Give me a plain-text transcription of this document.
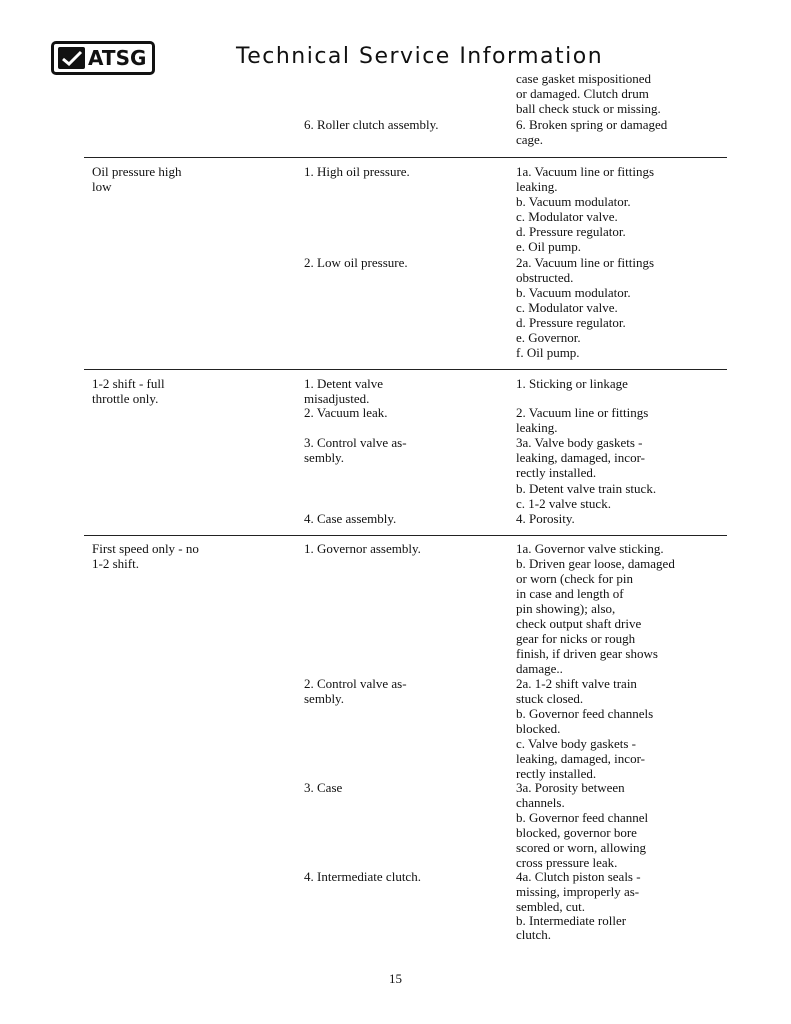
ATSG	Technical Service Information
6. Roller clutch assembly.
case gasket mispositioned
or damaged. Clutch drum
ball check stuck or missing.
6. Broken spring or damaged
cage.
Oil pressure high
low
1. High oil pressure.
2. Low oil pressure.
1a. Vacuum line or fittings
leaking.
b. Vacuum modulator.
c. Modulator valve.
d. Pressure regulator.
e. Oil pump.
2a. Vacuum line or fittings
obstructed.
b. Vacuum modulator.
c. Modulator valve.
d. Pressure regulator.
e. Governor.
f. Oil pump.
1-2 shift - full
throttle only.
1. Detent valve
misadjusted.
2. Vacuum leak.
3. Control valve as-
sembly.
4. Case assembly.
1. Sticking or linkage
2. Vacuum line or fittings
leaking.
3a. Valve body gaskets -
leaking, damaged, incor-
rectly installed.
b. Detent valve train stuck.
c. 1-2 valve stuck.
4. Porosity.
First speed only - no
1-2 shift.
1. Governor assembly.
2. Control valve as-
sembly.
3. Case
4. Intermediate clutch.
1a. Governor valve sticking.
b. Driven gear loose, damaged
or worn (check for pin
in case and length of
pin showing); also,
check output shaft drive
gear for nicks or rough
finish, if driven gear shows
damage..
2a. 1-2 shift valve train
stuck closed.
b. Governor feed channels
blocked.
c. Valve body gaskets -
leaking, damaged, incor-
rectly installed.
3a. Porosity between
channels.
b. Governor feed channel
blocked, governor bore
scored or worn, allowing
cross pressure leak.
4a. Clutch piston seals -
missing, improperly as-
sembled, cut.
b. Intermediate roller
clutch.
15
